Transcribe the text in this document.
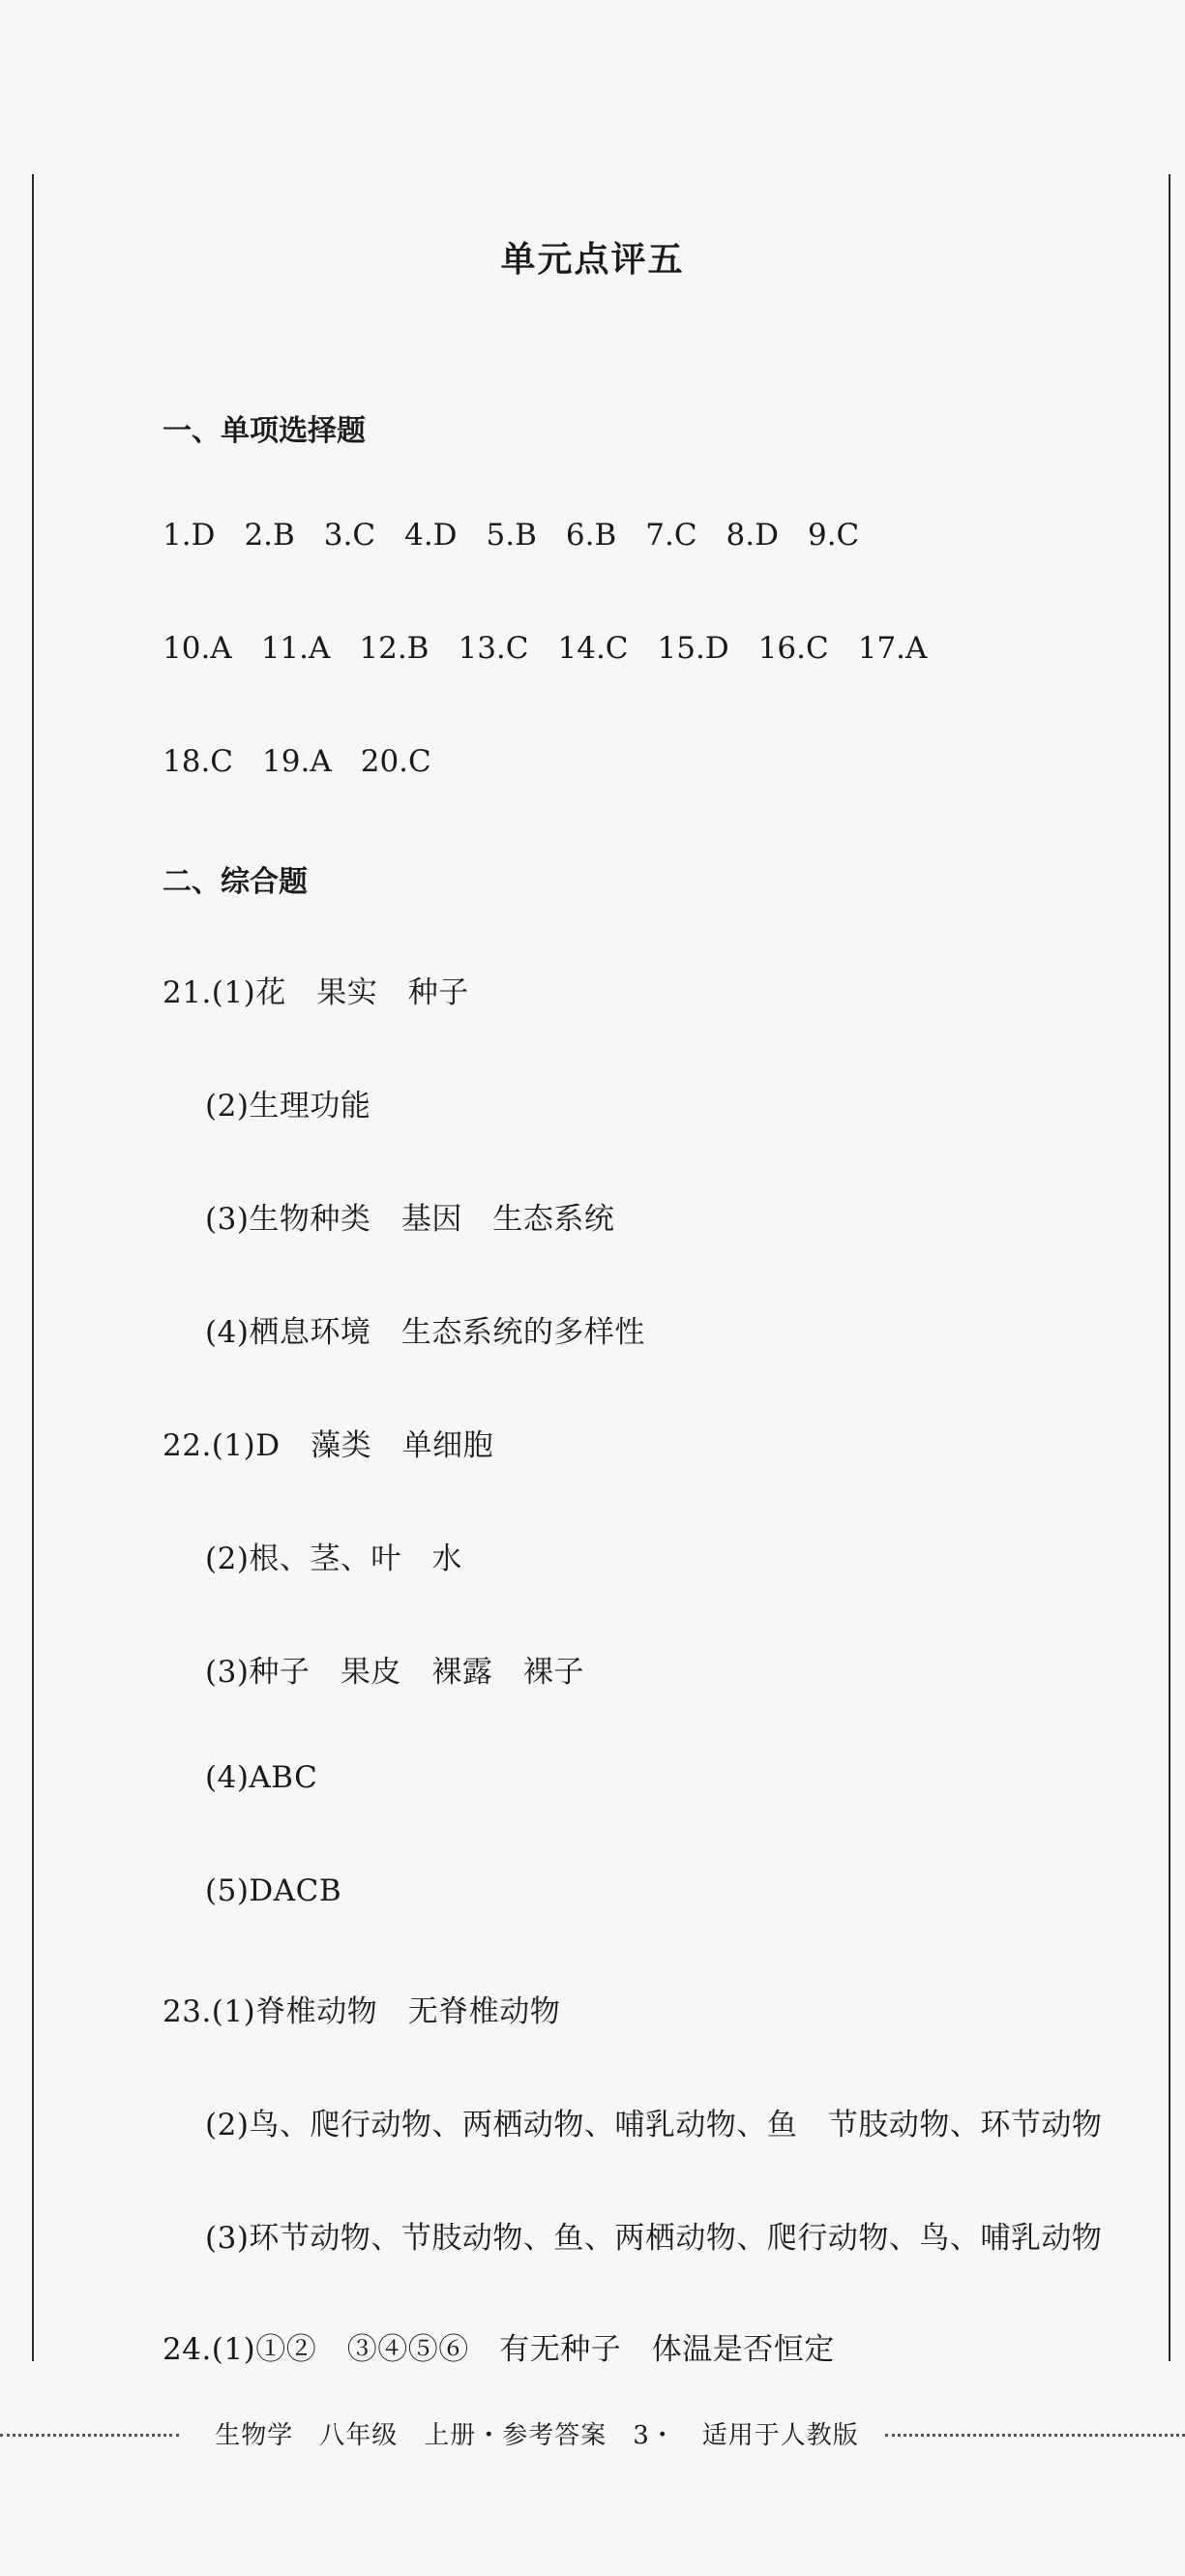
单元点评五
一、单项选择题
1.D 2.B 3.C 4.D 5.B 6.B 7.C 8.D 9.C
10.A 11.A 12.B 13.C 14.C 15.D 16.C 17.A
18.C 19.A 20.C
二、综合题
21.(1)花　果实　种子
(2)生理功能
(3)生物种类　基因　生态系统
(4)栖息环境　生态系统的多样性
22.(1)D　藻类　单细胞
(2)根、茎、叶　水
(3)种子　果皮　裸露　裸子
(4)ABC
(5)DACB
23.(1)脊椎动物　无脊椎动物
(2)鸟、爬行动物、两栖动物、哺乳动物、鱼　节肢动物、环节动物
(3)环节动物、节肢动物、鱼、两栖动物、爬行动物、鸟、哺乳动物
24.(1)①②　③④⑤⑥　有无种子　体温是否恒定
生物学　八年级　上册・参考答案　3・　适用于人教版
